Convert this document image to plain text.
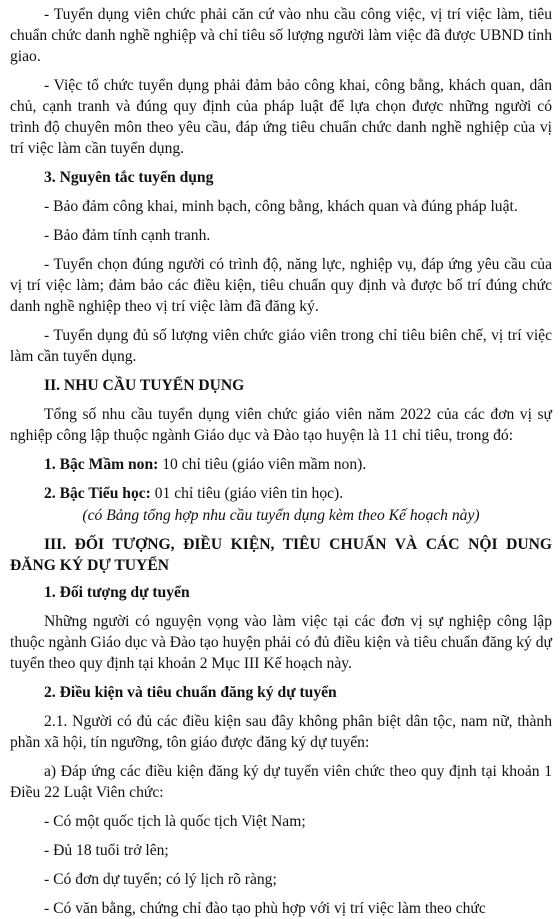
- Tuyển dụng viên chức phải căn cứ vào nhu cầu công việc, vị trí việc làm, tiêu chuẩn chức danh nghề nghiệp và chỉ tiêu số lượng người làm việc đã được UBND tỉnh giao.

- Việc tổ chức tuyển dụng phải đảm bảo công khai, công bằng, khách quan, dân chủ, cạnh tranh và đúng quy định của pháp luật để lựa chọn được những người có trình độ chuyên môn theo yêu cầu, đáp ứng tiêu chuẩn chức danh nghề nghiệp của vị trí việc làm cần tuyển dụng.

3. Nguyên tắc tuyển dụng

- Bảo đảm công khai, minh bạch, công bằng, khách quan và đúng pháp luật.

- Bảo đảm tính cạnh tranh.

- Tuyển chọn đúng người có trình độ, năng lực, nghiệp vụ, đáp ứng yêu cầu của vị trí việc làm; đảm bảo các điều kiện, tiêu chuẩn quy định và được bố trí đúng chức danh nghề nghiệp theo vị trí việc làm đã đăng ký.

- Tuyển dụng đủ số lượng viên chức giáo viên trong chỉ tiêu biên chế, vị trí việc làm cần tuyển dụng.

II. NHU CẦU TUYỂN DỤNG

Tổng số nhu cầu tuyển dụng viên chức giáo viên năm 2022 của các đơn vị sự nghiệp công lập thuộc ngành Giáo dục và Đào tạo huyện là 11 chỉ tiêu, trong đó:

1. Bậc Mầm non: 10 chỉ tiêu (giáo viên mầm non).

2. Bậc Tiểu học: 01 chỉ tiêu (giáo viên tin học).

(có Bảng tổng hợp nhu cầu tuyển dụng kèm theo Kế hoạch này)

III. ĐỐI TƯỢNG, ĐIỀU KIỆN, TIÊU CHUẨN VÀ CÁC NỘI DUNG ĐĂNG KÝ DỰ TUYỂN
1. Đối tượng dự tuyển

Những người có nguyện vọng vào làm việc tại các đơn vị sự nghiệp công lập thuộc ngành Giáo dục và Đào tạo huyện phải có đủ điều kiện và tiêu chuẩn đăng ký dự tuyển theo quy định tại khoản 2 Mục III Kế hoạch này.

2. Điều kiện và tiêu chuẩn đăng ký dự tuyển

2.1. Người có đủ các điều kiện sau đây không phân biệt dân tộc, nam nữ, thành phần xã hội, tín ngưỡng, tôn giáo được đăng ký dự tuyển:

a) Đáp ứng các điều kiện đăng ký dự tuyển viên chức theo quy định tại khoản 1 Điều 22 Luật Viên chức:

- Có một quốc tịch là quốc tịch Việt Nam;

- Đủ 18 tuổi trở lên;

- Có đơn dự tuyển; có lý lịch rõ ràng;

- Có văn bằng, chứng chỉ đào tạo phù hợp với vị trí việc làm theo chức
